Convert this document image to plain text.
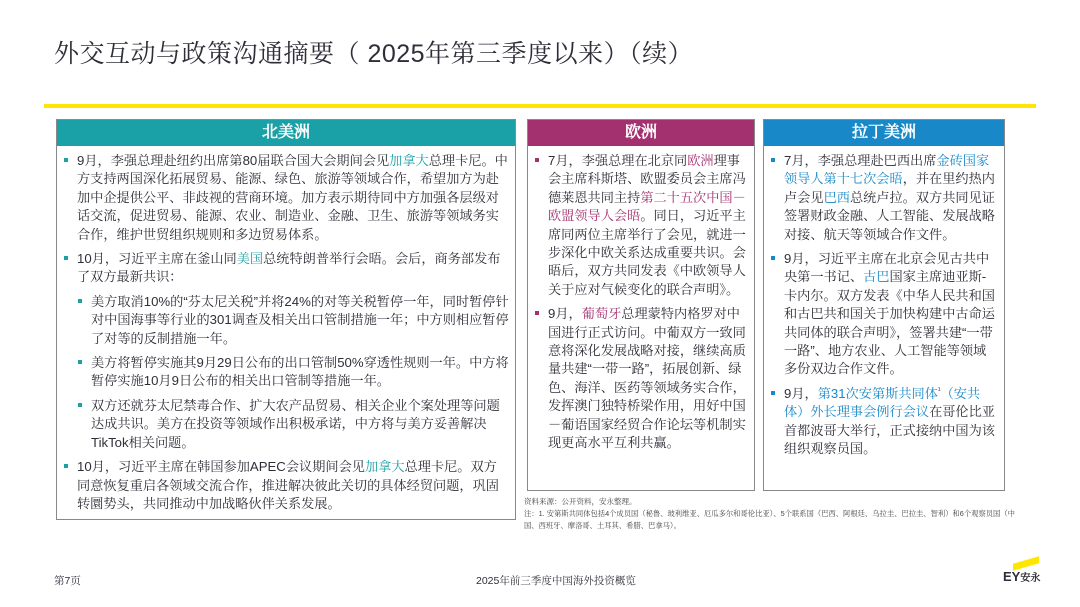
外交互动与政策沟通摘要（ 2025年第三季度以来）（续）
北美洲
9月，李强总理赴纽约出席第80届联合国大会期间会见加拿大总理卡尼。中方支持两国深化拓展贸易、能源、绿色、旅游等领域合作，希望加方为赴加中企提供公平、非歧视的营商环境。加方表示期待同中方加强各层级对话交流，促进贸易、能源、农业、制造业、金融、卫生、旅游等领域务实合作，维护世贸组织规则和多边贸易体系。
10月，习近平主席在釜山同美国总统特朗普举行会晤。会后，商务部发布了双方最新共识：
美方取消10%的“芬太尼关税”并将24%的对等关税暂停一年，同时暂停针对中国海事等行业的301调查及相关出口管制措施一年；中方则相应暂停了对等的反制措施一年。
美方将暂停实施其9月29日公布的出口管制50%穿透性规则一年。中方将暂停实施10月9日公布的相关出口管制等措施一年。
双方还就芬太尼禁毒合作、扩大农产品贸易、相关企业个案处理等问题达成共识。美方在投资等领域作出积极承诺，中方将与美方妥善解决TikTok相关问题。
10月，习近平主席在韩国参加APEC会议期间会见加拿大总理卡尼。双方同意恢复重启各领域交流合作，推进解决彼此关切的具体经贸问题，巩固转圜势头，共同推动中加战略伙伴关系发展。
欧洲
7月，李强总理在北京同欧洲理事会主席科斯塔、欧盟委员会主席冯德莱恩共同主持第二十五次中国－欧盟领导人会晤。同日，习近平主席同两位主席举行了会见，就进一步深化中欧关系达成重要共识。会晤后，双方共同发表《中欧领导人关于应对气候变化的联合声明》。
9月，葡萄牙总理蒙特内格罗对中国进行正式访问。中葡双方一致同意将深化发展战略对接，继续高质量共建“一带一路”，拓展创新、绿色、海洋、医药等领域务实合作，发挥澳门独特桥梁作用，用好中国－葡语国家经贸合作论坛等机制实现更高水平互利共赢。
拉丁美洲
7月，李强总理赴巴西出席金砖国家领导人第十七次会晤，并在里约热内卢会见巴西总统卢拉。双方共同见证签署财政金融、人工智能、发展战略对接、航天等领域合作文件。
9月，习近平主席在北京会见古共中央第一书记、古巴国家主席迪亚斯-卡内尔。双方发表《中华人民共和国和古巴共和国关于加快构建中古命运共同体的联合声明》，签署共建“一带一路”、地方农业、人工智能等领域多份双边合作文件。
9月，第31次安第斯共同体$^{^1}$（安共体）外长理事会例行会议在哥伦比亚首都波哥大举行，正式接纳中国为该组织观察员国。
资料来源：公开资料，安永整理。
注：1. 安第斯共同体包括4个成员国（秘鲁、玻利维亚、厄瓜多尔和哥伦比亚）、5个联系国（巴西、阿根廷、乌拉圭、巴拉圭、智利）和6个观察员国（中国、西班牙、摩洛哥、土耳其、希腊、巴拿马）。
第7页	2025年前三季度中国海外投资概览	EY安永
